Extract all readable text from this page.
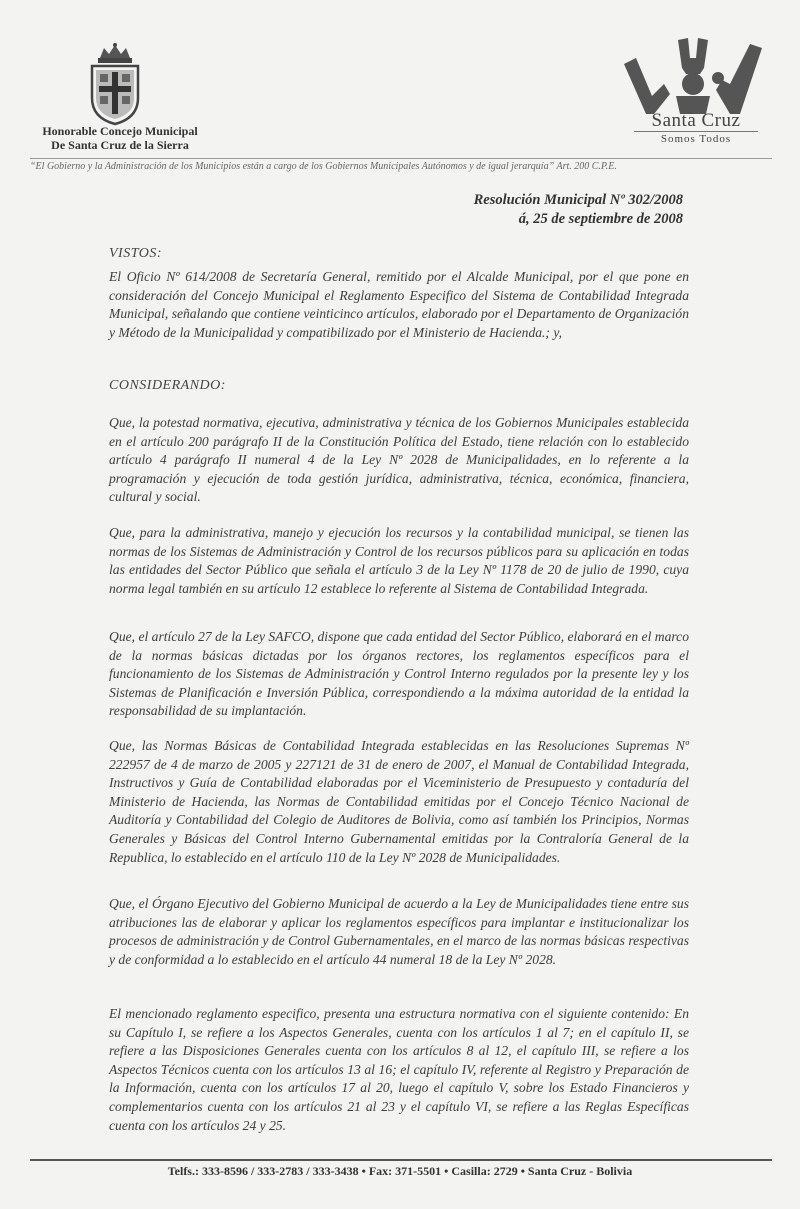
Honorable Concejo Municipal
De Santa Cruz de la Sierra
Santa Cruz
Somos Todos
“El Gobierno y la Administración de los Municipios están a cargo de los Gobiernos Municipales Autónomos y de igual jerarquía” Art. 200 C.P.E.
Resolución Municipal Nº 302/2008
á, 25 de septiembre de 2008
VISTOS:

El Oficio Nº 614/2008 de Secretaría General, remitido por el Alcalde Municipal, por el que pone en consideración del Concejo Municipal el Reglamento Especifico del Sistema de Contabilidad Integrada Municipal, señalando que contiene veinticinco artículos, elaborado por el Departamento de Organización y Método de la Municipalidad y compatibilizado por el Ministerio de Hacienda.; y,

CONSIDERANDO:

Que, la potestad normativa, ejecutiva, administrativa y técnica de los Gobiernos Municipales establecida en el artículo 200 parágrafo II de la Constitución Política del Estado, tiene relación con lo establecido artículo 4 parágrafo II numeral 4 de la Ley Nº 2028 de Municipalidades, en lo referente a la programación y ejecución de toda gestión jurídica, administrativa, técnica, económica, financiera, cultural y social.

Que, para la administrativa, manejo y ejecución los recursos y la contabilidad municipal, se tienen las normas de los Sistemas de Administración y Control de los recursos públicos para su aplicación en todas las entidades del Sector Público que señala el artículo 3 de la Ley Nº 1178 de 20 de julio de 1990, cuya norma legal también en su artículo 12 establece lo referente al Sistema de Contabilidad Integrada.

Que, el artículo 27 de la Ley SAFCO, dispone que cada entidad del Sector Público, elaborará en el marco de la normas básicas dictadas por los órganos rectores, los reglamentos específicos para el funcionamiento de los Sistemas de Administración y Control Interno regulados por la presente ley y los Sistemas de Planificación e Inversión Pública, correspondiendo a la máxima autoridad de la entidad la responsabilidad de su implantación.

Que, las Normas Básicas de Contabilidad Integrada establecidas en las Resoluciones Supremas Nº 222957 de 4 de marzo de 2005 y 227121 de 31 de enero de 2007, el Manual de Contabilidad Integrada, Instructivos y Guía de Contabilidad elaboradas por el Viceministerio de Presupuesto y contaduría del Ministerio de Hacienda, las Normas de Contabilidad emitidas por el Concejo Técnico Nacional de Auditoría y Contabilidad del Colegio de Auditores de Bolivia, como así también los Principios, Normas Generales y Básicas del Control Interno Gubernamental emitidas por la Contraloría General de la Republica, lo establecido en el artículo 110 de la Ley Nº 2028 de Municipalidades.

Que, el Órgano Ejecutivo del Gobierno Municipal de acuerdo a la Ley de Municipalidades tiene entre sus atribuciones las de elaborar y aplicar los reglamentos específicos para implantar e institucionalizar los procesos de administración y de Control Gubernamentales, en el marco de las normas básicas respectivas y de conformidad a lo establecido en el artículo 44 numeral 18 de la Ley Nº 2028.

El mencionado reglamento especifico, presenta una estructura normativa con el siguiente contenido: En su Capítulo I, se refiere a los Aspectos Generales, cuenta con los artículos 1 al 7; en el capítulo II, se refiere a las Disposiciones Generales cuenta con los artículos 8 al 12, el capítulo III, se refiere a los Aspectos Técnicos cuenta con los artículos 13 al 16; el capítulo IV, referente al Registro y Preparación de la Información, cuenta con los artículos 17 al 20, luego el capítulo V, sobre los Estado Financieros y complementarios cuenta con los artículos 21 al 23 y el capítulo VI, se refiere a las Reglas Específicas cuenta con los artículos 24 y 25.

Telfs.: 333-8596 / 333-2783 / 333-3438 • Fax: 371-5501 • Casilla: 2729 • Santa Cruz - Bolivia
